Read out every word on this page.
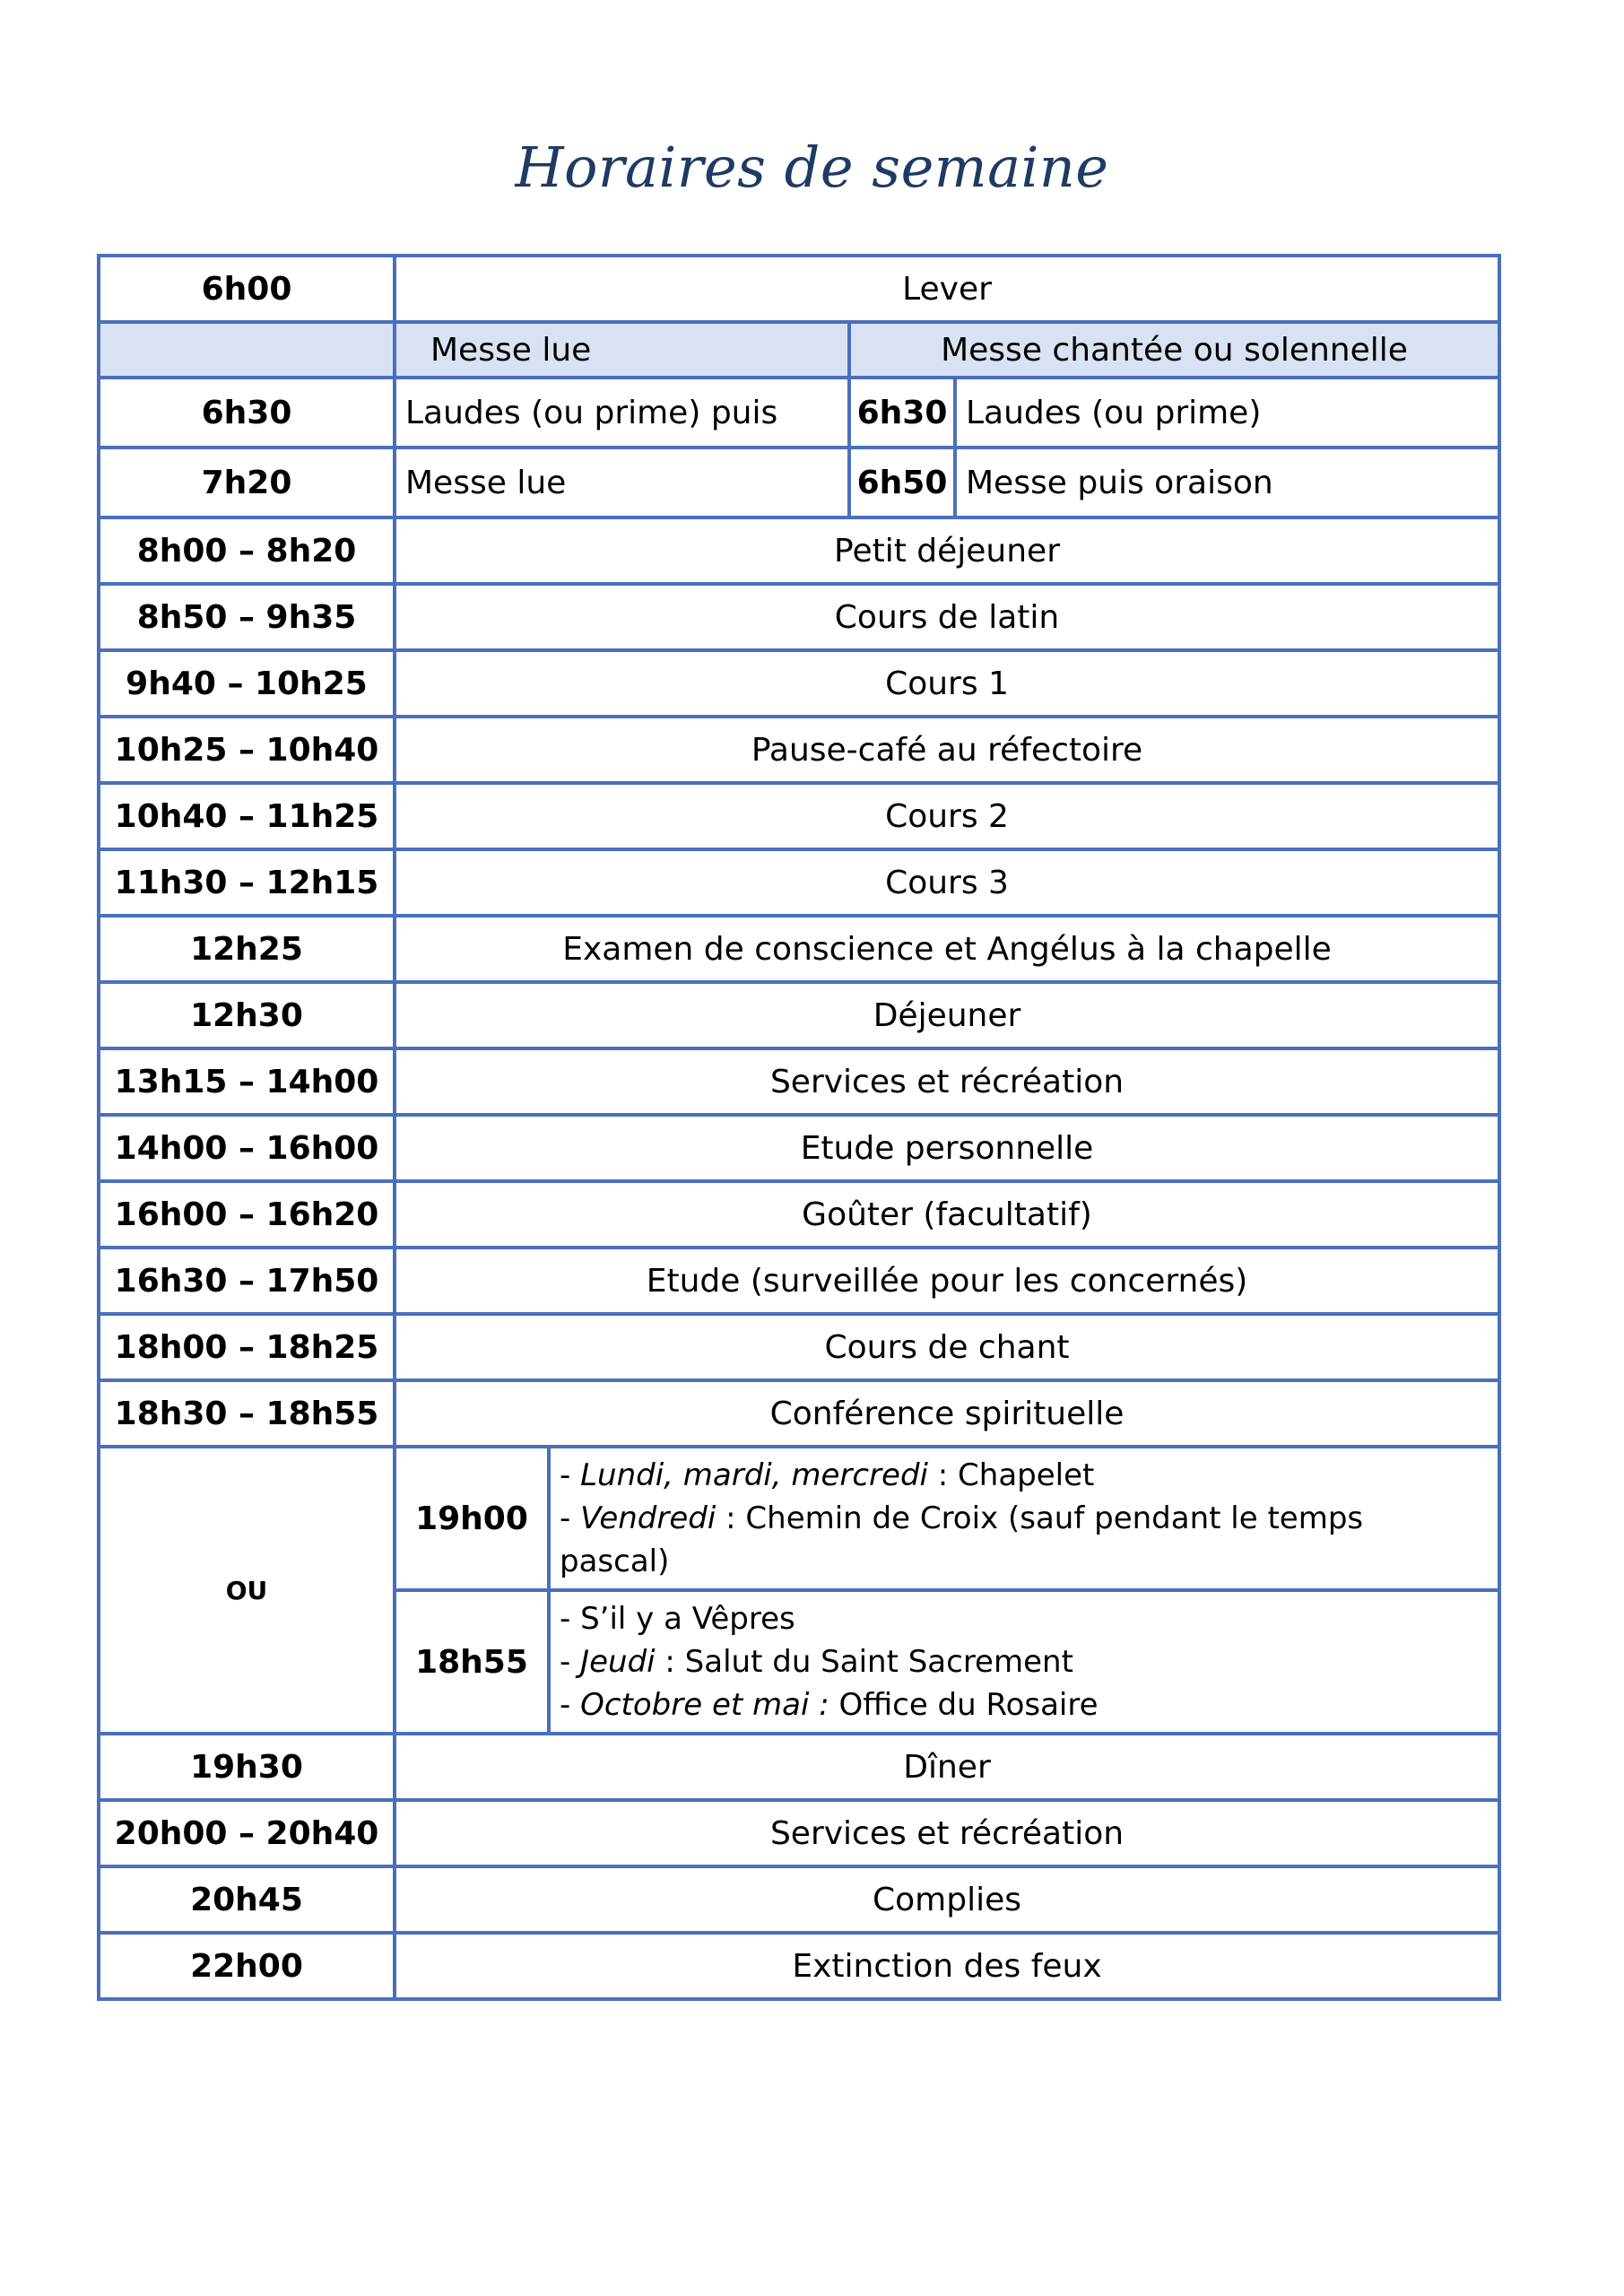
Horaires de semaine
6h00	Lever			
	Messe lue		Messe chantée ou solennelle	
6h30	Laudes (ou prime) puis		6h30	Laudes (ou prime)
7h20	Messe lue		6h50	Messe puis oraison
8h00 – 8h20	Petit déjeuner			
8h50 – 9h35	Cours de latin			
9h40 – 10h25	Cours 1			
10h25 – 10h40	Pause-café au réfectoire			
10h40 – 11h25	Cours 2			
11h30 – 12h15	Cours 3			
12h25	Examen de conscience et Angélus à la chapelle			
12h30	Déjeuner			
13h15 – 14h00	Services et récréation			
14h00 – 16h00	Etude personnelle			
16h00 – 16h20	Goûter (facultatif)			
16h30 – 17h50	Etude (surveillée pour les concernés)			
18h00 – 18h25	Cours de chant			
18h30 – 18h55	Conférence spirituelle			
OU	19h00	- Lundi, mardi, mercredi : Chapelet
- Vendredi : Chemin de Croix (sauf pendant le temps
pascal)		

	18h55	- S’il y a Vêpres
- Jeudi : Salut du Saint Sacrement
- Octobre et mai : Office du Rosaire		

19h30	Dîner			
20h00 – 20h40	Services et récréation			
20h45	Complies			
22h00	Extinction des feux			
